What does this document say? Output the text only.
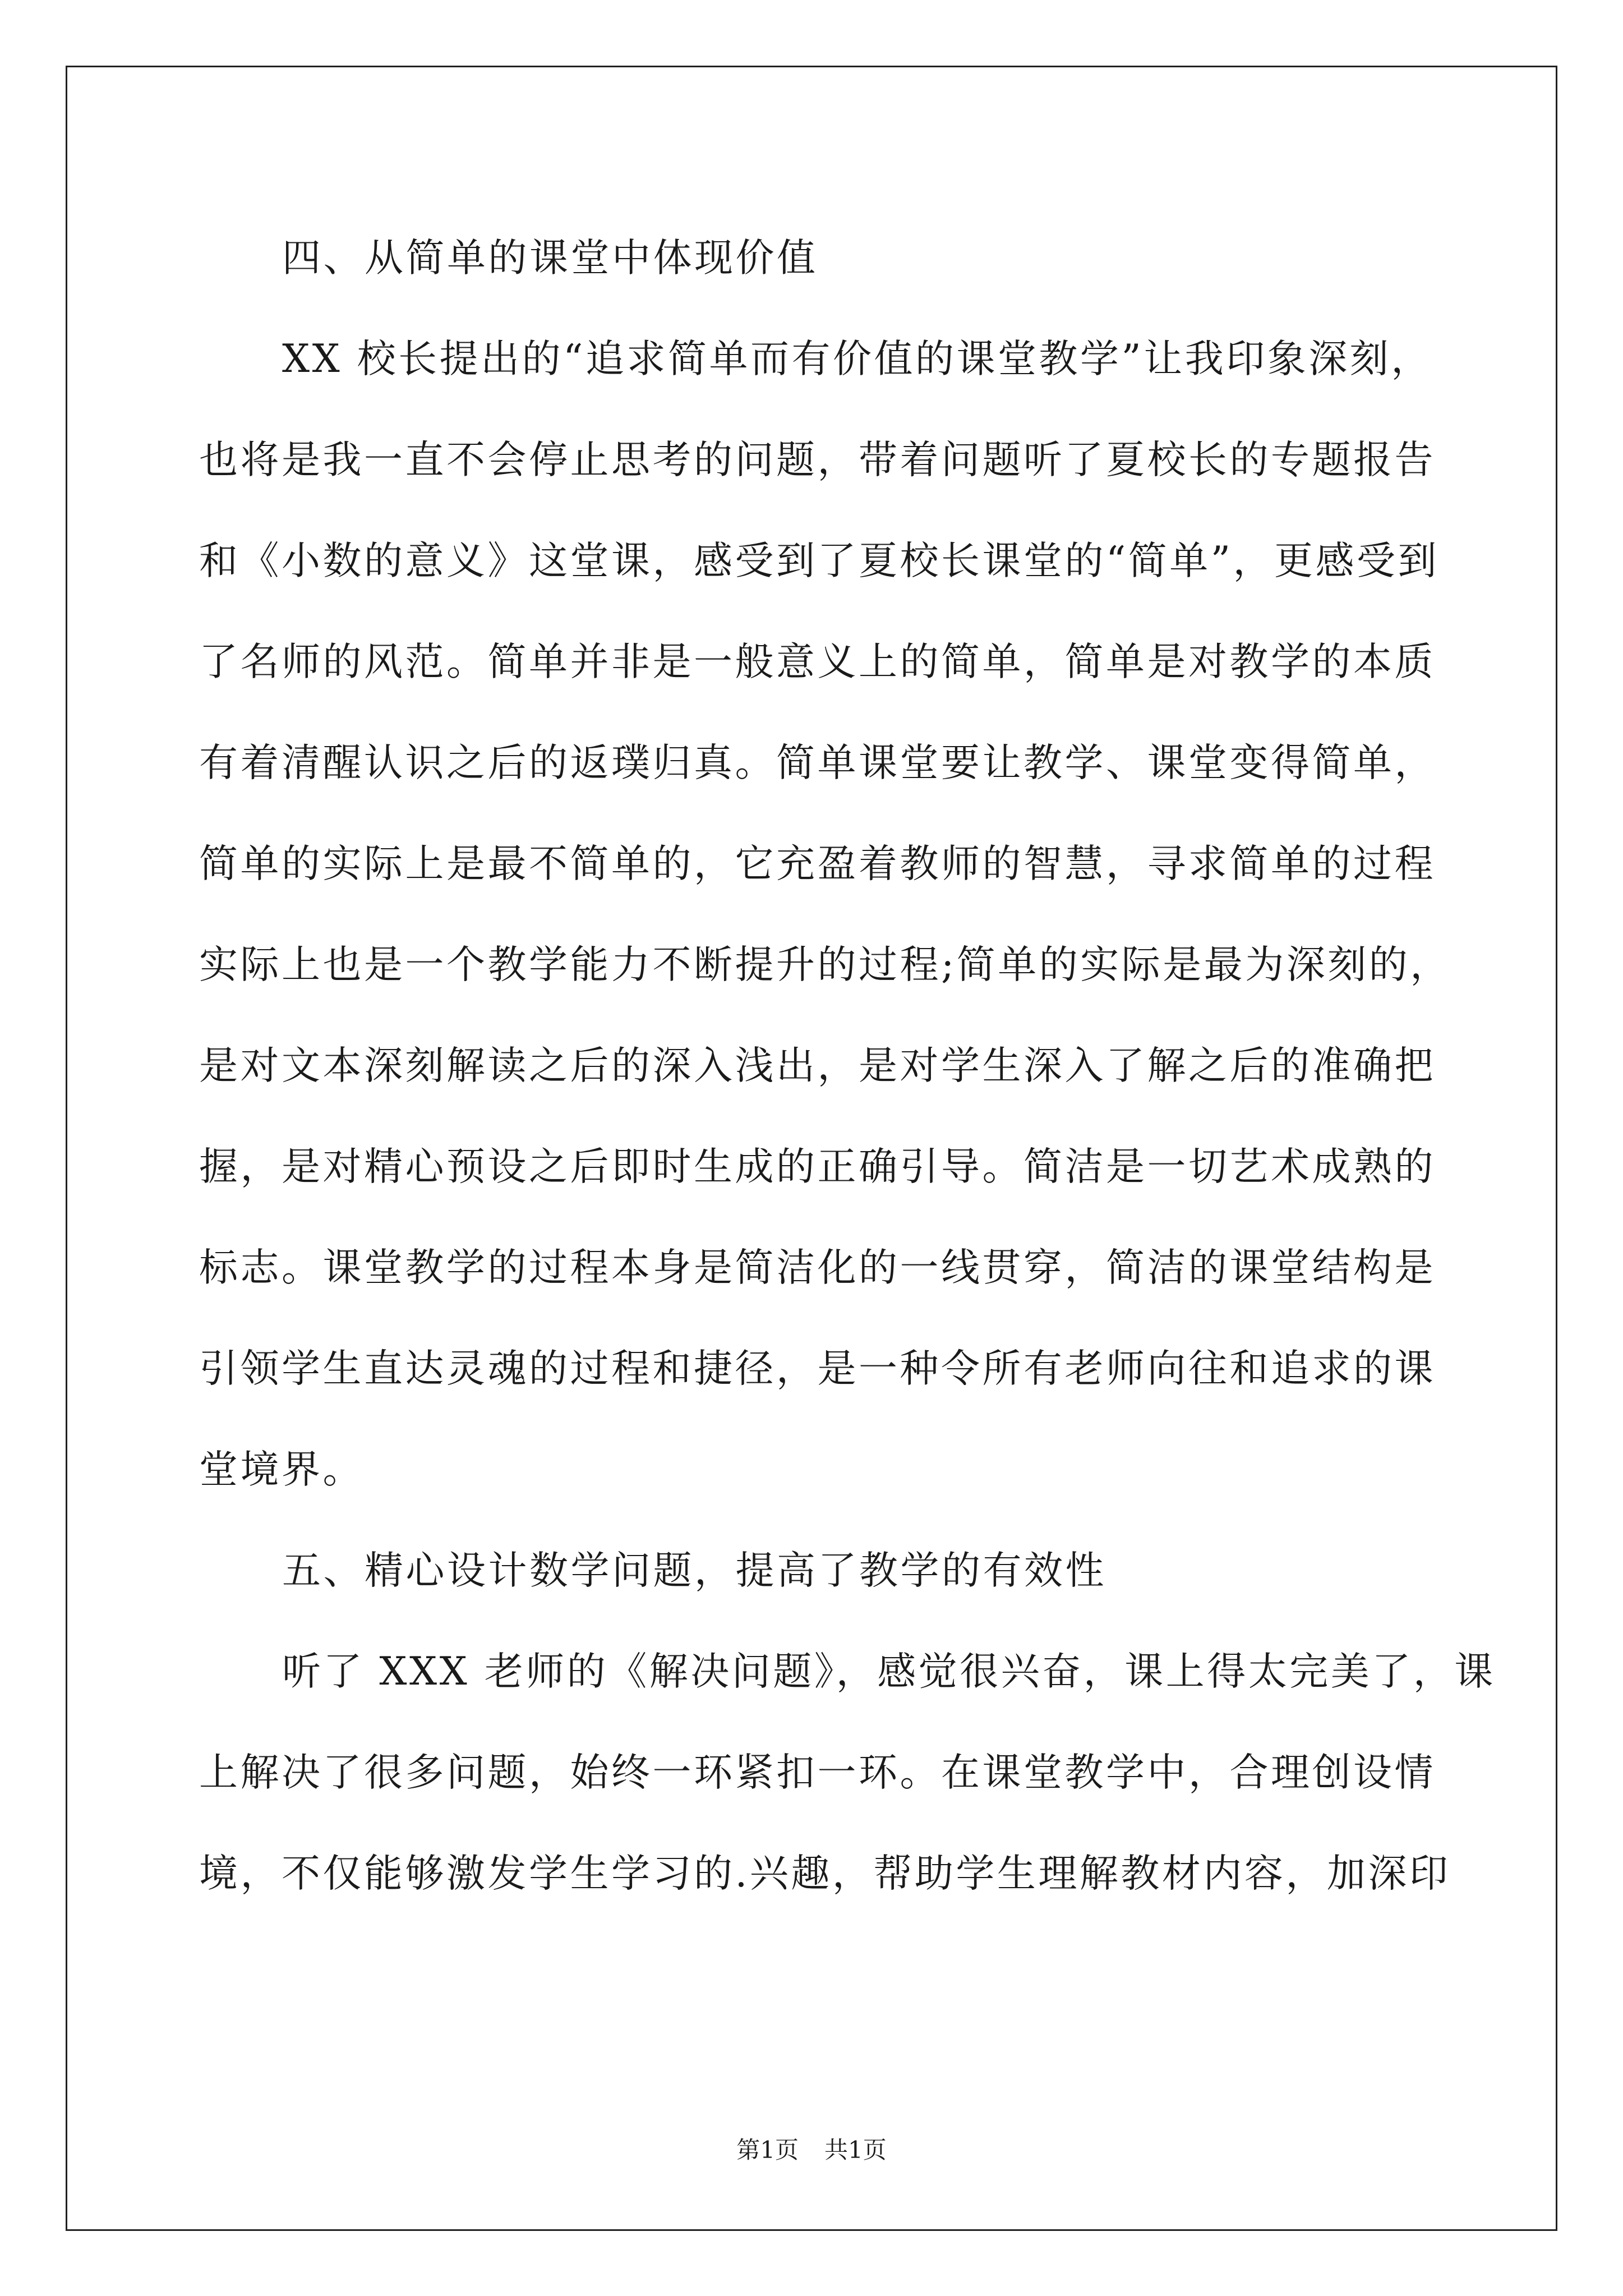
四、从简单的课堂中体现价值
XX 校长提出的“追求简单而有价值的课堂教学”让我印象深刻，
也将是我一直不会停止思考的问题，带着问题听了夏校长的专题报告
和《小数的意义》这堂课，感受到了夏校长课堂的“简单”，更感受到
了名师的风范。简单并非是一般意义上的简单，简单是对教学的本质
有着清醒认识之后的返璞归真。简单课堂要让教学、课堂变得简单，
简单的实际上是最不简单的，它充盈着教师的智慧，寻求简单的过程
实际上也是一个教学能力不断提升的过程;简单的实际是最为深刻的，
是对文本深刻解读之后的深入浅出，是对学生深入了解之后的准确把
握，是对精心预设之后即时生成的正确引导。简洁是一切艺术成熟的
标志。课堂教学的过程本身是简洁化的一线贯穿，简洁的课堂结构是
引领学生直达灵魂的过程和捷径，是一种令所有老师向往和追求的课
堂境界。
五、精心设计数学问题，提高了教学的有效性
听了 XXX 老师的《解决问题》，感觉很兴奋，课上得太完美了，课
上解决了很多问题，始终一环紧扣一环。在课堂教学中，合理创设情
境，不仅能够激发学生学习的.兴趣，帮助学生理解教材内容，加深印
第1页 共1页
